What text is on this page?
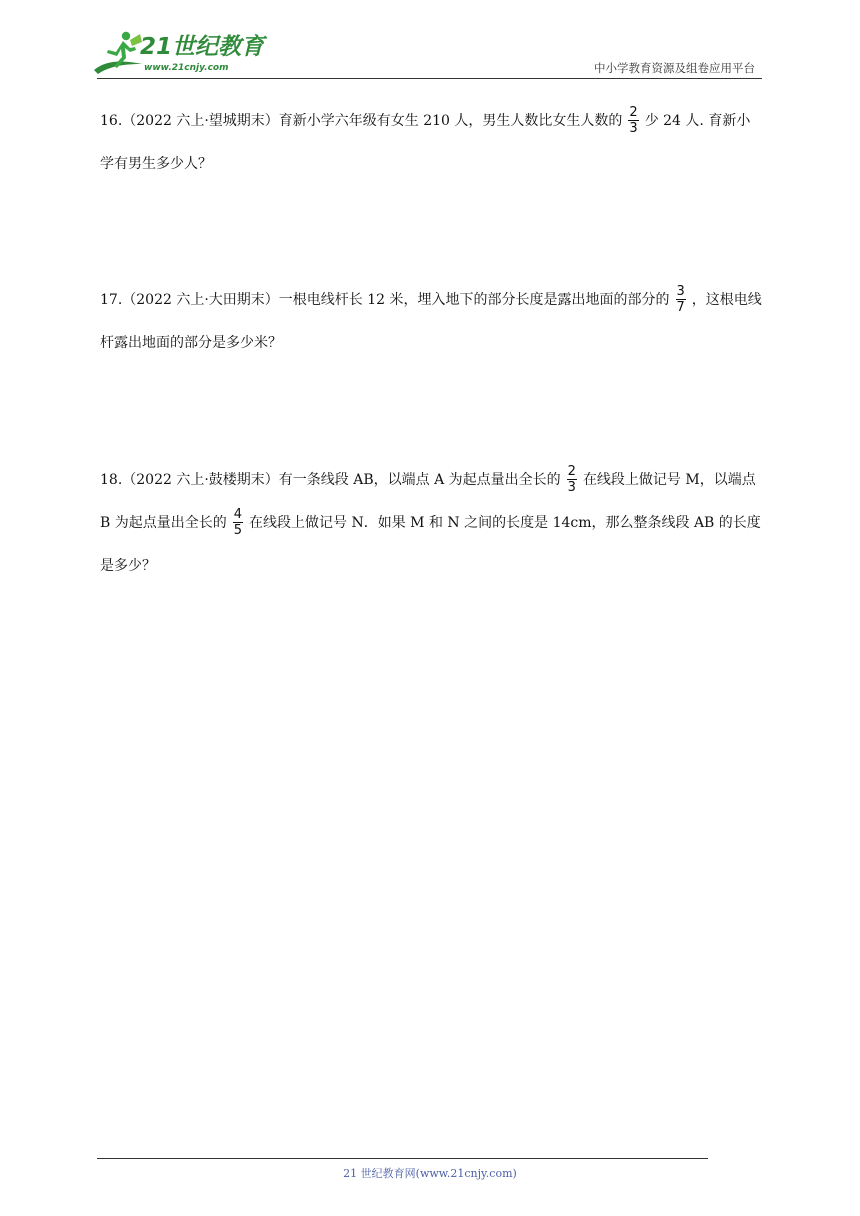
21世纪教育
www.21cnjy.com	中小学教育资源及组卷应用平台
16.（2022 六上·望城期末）育新小学六年级有女生 210 人，男生人数比女生人数的 $\frac{2}{3}$ 少 24 人. 育新小学有男生多少人？
17.（2022 六上·大田期末）一根电线杆长 12 米，埋入地下的部分长度是露出地面的部分的 $\frac{3}{7}$ ，这根电线杆露出地面的部分是多少米？
18.（2022 六上·鼓楼期末）有一条线段 AB，以端点 A 为起点量出全长的 $\frac{2}{3}$ 在线段上做记号 M，以端点 B 为起点量出全长的 $\frac{4}{5}$ 在线段上做记号 N．如果 M 和 N 之间的长度是 14cm，那么整条线段 AB 的长度是多少？
21 世纪教育网(www.21cnjy.com)
